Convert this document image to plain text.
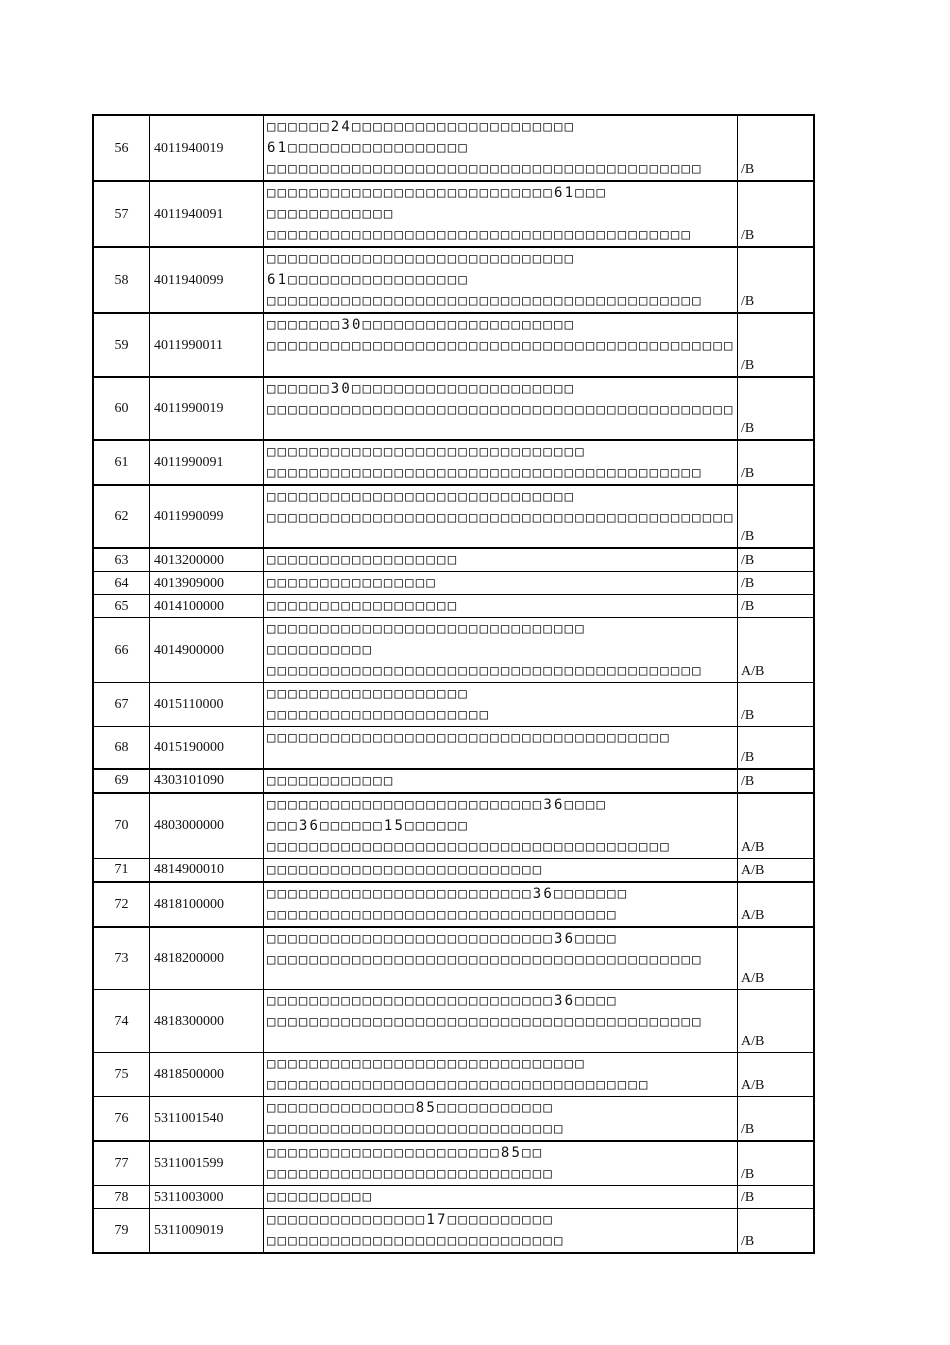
56	4011940019	□□□□□□24□□□□□□□□□□□□□□□□□□□□□
61□□□□□□□□□□□□□□□□□
□□□□□□□□□□□□□□□□□□□□□□□□□□□□□□□□□□□□□□□□□	/B
57	4011940091	□□□□□□□□□□□□□□□□□□□□□□□□□□□61□□□
□□□□□□□□□□□□
□□□□□□□□□□□□□□□□□□□□□□□□□□□□□□□□□□□□□□□□	/B
58	4011940099	□□□□□□□□□□□□□□□□□□□□□□□□□□□□□
61□□□□□□□□□□□□□□□□□
□□□□□□□□□□□□□□□□□□□□□□□□□□□□□□□□□□□□□□□□□	/B
59	4011990011	□□□□□□□30□□□□□□□□□□□□□□□□□□□□
□□□□□□□□□□□□□□□□□□□□□□□□□□□□□□□□□□□□□□□□□□□□	/B
60	4011990019	□□□□□□30□□□□□□□□□□□□□□□□□□□□□
□□□□□□□□□□□□□□□□□□□□□□□□□□□□□□□□□□□□□□□□□□□□	/B
61	4011990091	□□□□□□□□□□□□□□□□□□□□□□□□□□□□□□
□□□□□□□□□□□□□□□□□□□□□□□□□□□□□□□□□□□□□□□□□	/B
62	4011990099	□□□□□□□□□□□□□□□□□□□□□□□□□□□□□
□□□□□□□□□□□□□□□□□□□□□□□□□□□□□□□□□□□□□□□□□□□□	/B
63	4013200000	□□□□□□□□□□□□□□□□□□	/B
64	4013909000	□□□□□□□□□□□□□□□□	/B
65	4014100000	□□□□□□□□□□□□□□□□□□	/B
66	4014900000	□□□□□□□□□□□□□□□□□□□□□□□□□□□□□□
□□□□□□□□□□
□□□□□□□□□□□□□□□□□□□□□□□□□□□□□□□□□□□□□□□□□	A/B
67	4015110000	□□□□□□□□□□□□□□□□□□□
□□□□□□□□□□□□□□□□□□□□□	/B
68	4015190000	□□□□□□□□□□□□□□□□□□□□□□□□□□□□□□□□□□□□□□	/B
69	4303101090	□□□□□□□□□□□□	/B
70	4803000000	□□□□□□□□□□□□□□□□□□□□□□□□□□36□□□□
□□□36□□□□□□15□□□□□□
□□□□□□□□□□□□□□□□□□□□□□□□□□□□□□□□□□□□□□	A/B
71	4814900010	□□□□□□□□□□□□□□□□□□□□□□□□□□	A/B
72	4818100000	□□□□□□□□□□□□□□□□□□□□□□□□□36□□□□□□□
□□□□□□□□□□□□□□□□□□□□□□□□□□□□□□□□□	A/B
73	4818200000	□□□□□□□□□□□□□□□□□□□□□□□□□□□36□□□□
□□□□□□□□□□□□□□□□□□□□□□□□□□□□□□□□□□□□□□□□□	A/B
74	4818300000	□□□□□□□□□□□□□□□□□□□□□□□□□□□36□□□□
□□□□□□□□□□□□□□□□□□□□□□□□□□□□□□□□□□□□□□□□□	A/B
75	4818500000	□□□□□□□□□□□□□□□□□□□□□□□□□□□□□□
□□□□□□□□□□□□□□□□□□□□□□□□□□□□□□□□□□□□	A/B
76	5311001540	□□□□□□□□□□□□□□85□□□□□□□□□□□
□□□□□□□□□□□□□□□□□□□□□□□□□□□□	/B
77	5311001599	□□□□□□□□□□□□□□□□□□□□□□85□□
□□□□□□□□□□□□□□□□□□□□□□□□□□□	/B
78	5311003000	□□□□□□□□□□	/B
79	5311009019	□□□□□□□□□□□□□□□17□□□□□□□□□□
□□□□□□□□□□□□□□□□□□□□□□□□□□□□	/B
